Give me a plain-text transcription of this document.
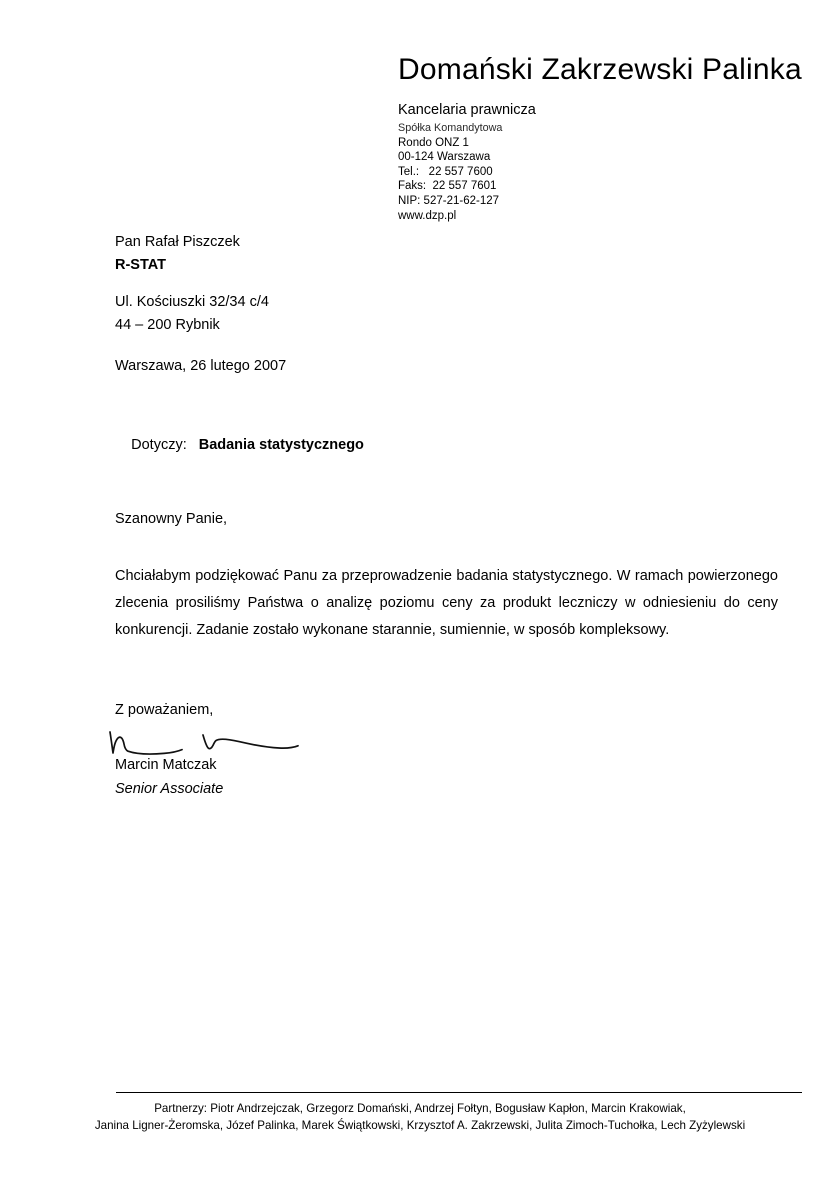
Domański Zakrzewski Palinka
Kancelaria prawnicza
Spółka Komandytowa
Rondo ONZ 1
00-124 Warszawa
Tel.:   22 557 7600
Faks:  22 557 7601
NIP: 527-21-62-127
www.dzp.pl
Pan Rafał Piszczek
R-STAT
Ul. Kościuszki 32/34 c/4
44 – 200 Rybnik
Warszawa, 26 lutego 2007

Dotyczy: Badania statystycznego

Szanowny Panie,
Chciałabym podziękować Panu za przeprowadzenie badania statystycznego. W ramach powierzonego zlecenia prosiliśmy Państwa o analizę poziomu ceny za produkt leczniczy w odniesieniu do ceny konkurencji. Zadanie zostało wykonane starannie, sumiennie, w sposób kompleksowy.
Z poważaniem,
Marcin Matczak
Senior Associate
Partnerzy: Piotr Andrzejczak, Grzegorz Domański, Andrzej Fołtyn, Bogusław Kapłon, Marcin Krakowiak,
Janina Ligner-Żeromska, Józef Palinka, Marek Świątkowski, Krzysztof A. Zakrzewski, Julita Zimoch-Tuchołka, Lech Zyżylewski
